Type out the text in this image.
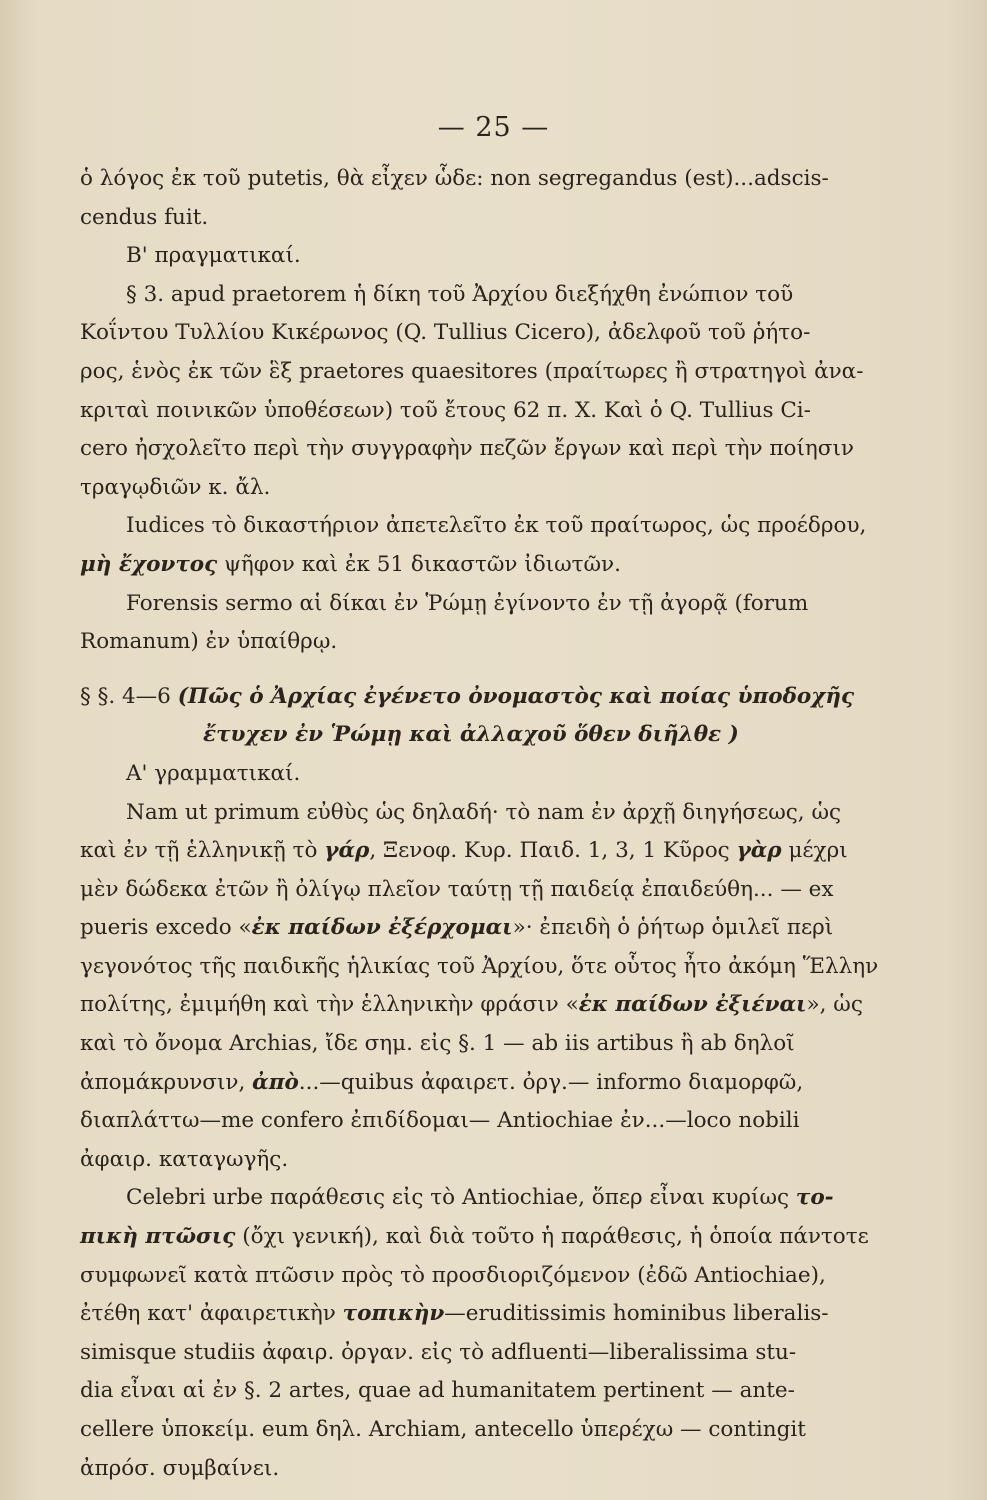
— 25 —

ὁ λόγος ἐκ τοῦ putetis, θὰ εἶχεν ὧδε: non segregandus (est)...adscis-

cendus fuit.

Β' πραγματικαί.

§ 3. apud praetorem ἡ δίκη τοῦ Ἀρχίου διεξήχθη ἐνώπιον τοῦ

Κοΐντου Τυλλίου Κικέρωνος (Q. Tullius Cicero), ἀδελφοῦ τοῦ ῥήτο-

ρος, ἑνὸς ἐκ τῶν ἓξ praetores quaesitores (πραίτωρες ἢ στρατηγοὶ ἀνα-

κριταὶ ποινικῶν ὑποθέσεων) τοῦ ἔτους 62 π. Χ. Καὶ ὁ Q. Tullius Ci-

cero ἠσχολεῖτο περὶ τὴν συγγραφὴν πεζῶν ἔργων καὶ περὶ τὴν ποίησιν

τραγῳδιῶν κ. ἄλ.

Iudices τὸ δικαστήριον ἀπετελεῖτο ἐκ τοῦ πραίτωρος, ὡς προέδρου,

μὴ ἔχοντος ψῆφον καὶ ἐκ 51 δικαστῶν ἰδιωτῶν.

Forensis sermo αἱ δίκαι ἐν Ῥώμῃ ἐγίνοντο ἐν τῇ ἀγορᾷ (forum

Romanum) ἐν ὑπαίθρῳ.

§ §. 4—6 (Πῶς ὁ Ἀρχίας ἐγένετο ὀνομαστὸς καὶ ποίας ὑποδοχῆς
ἔτυχεν ἐν Ῥώμῃ καὶ ἀλλαχοῦ ὅθεν διῆλθε )

Α' γραμματικαί.

Nam ut primum εὐθὺς ὡς δηλαδή· τὸ nam ἐν ἀρχῇ διηγήσεως, ὡς

καὶ ἐν τῇ ἑλληνικῇ τὸ γάρ, Ξενοφ. Κυρ. Παιδ. 1, 3, 1 Κῦρος γὰρ μέχρι

μὲν δώδεκα ἐτῶν ἢ ὀλίγῳ πλεῖον ταύτῃ τῇ παιδείᾳ ἐπαιδεύθη... — ex

pueris excedo «ἐκ παίδων ἐξέρχομαι»· ἐπειδὴ ὁ ῥήτωρ ὁμιλεῖ περὶ

γεγονότος τῆς παιδικῆς ἡλικίας τοῦ Ἀρχίου, ὅτε οὗτος ἦτο ἀκόμη Ἕλλην

πολίτης, ἐμιμήθη καὶ τὴν ἑλληνικὴν φράσιν «ἐκ παίδων ἐξιέναι», ὡς

καὶ τὸ ὄνομα Archias, ἴδε σημ. εἰς §. 1 — ab iis artibus ἢ ab δηλοῖ

ἀπομάκρυνσιν, ἀπὸ...—quibus ἀφαιρετ. ὀργ.— informo διαμορφῶ,

διαπλάττω—me confero ἐπιδίδομαι— Antiochiae ἐν...—loco nobili

ἀφαιρ. καταγωγῆς.

Celebri urbe παράθεσις εἰς τὸ Antiochiae, ὅπερ εἶναι κυρίως το-

πικὴ πτῶσις (ὄχι γενική), καὶ διὰ τοῦτο ἡ παράθεσις, ἡ ὁποία πάντοτε

συμφωνεῖ κατὰ πτῶσιν πρὸς τὸ προσδιοριζόμενον (ἐδῶ Antiochiae),

ἐτέθη κατ' ἀφαιρετικὴν τοπικὴν—eruditissimis hominibus liberalis-

simisque studiis ἀφαιρ. ὀργαν. εἰς τὸ adfluenti—liberalissima stu-

dia εἶναι αἱ ἐν §. 2 artes, quae ad humanitatem pertinent — ante-

cellere ὑποκείμ. eum δηλ. Archiam, antecello ὑπερέχω — contingit

ἀπρόσ. συμβαίνει.
